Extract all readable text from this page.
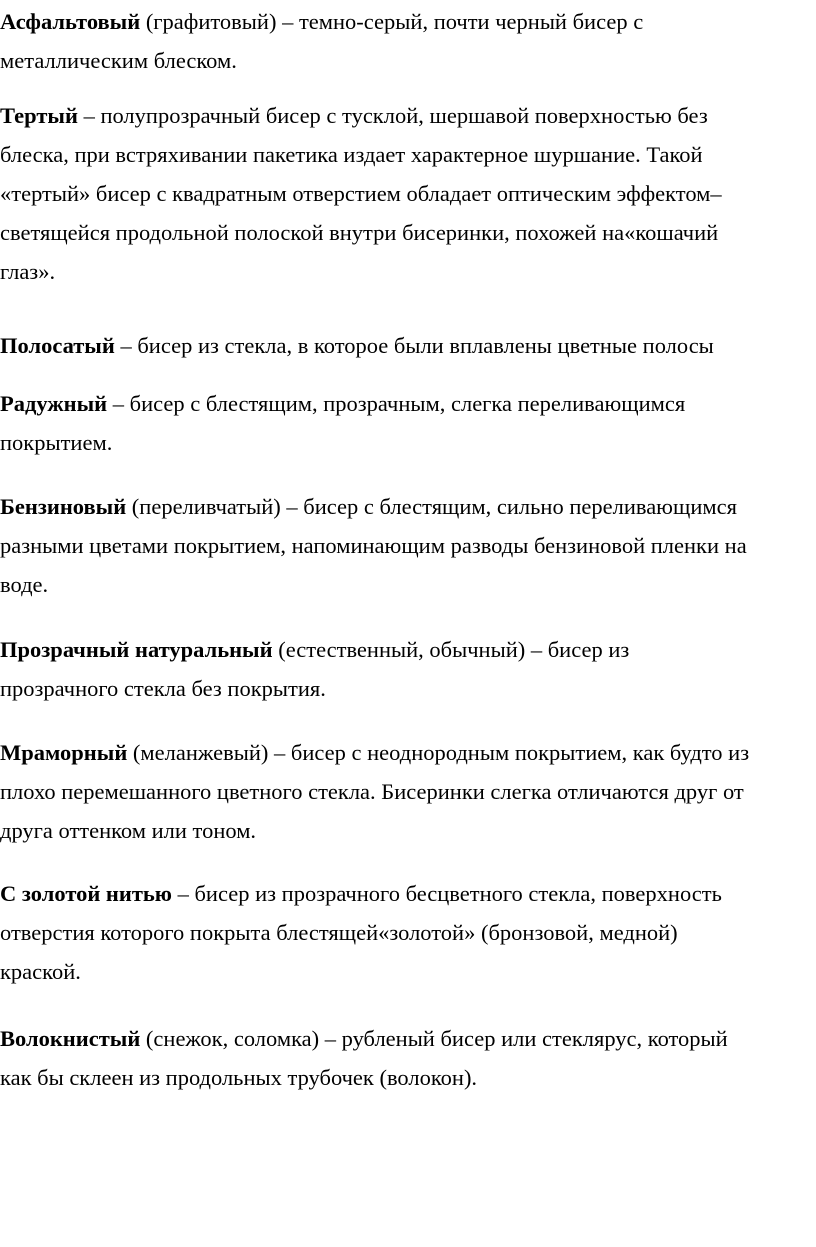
Асфальтовый (графитовый) – темно-серый, почти черный бисер с
металлическим блеском.

Тертый – полупрозрачный бисер с тусклой, шершавой поверхностью без
блеска, при встряхивании пакетика издает характерное шуршание. Такой
«тертый» бисер с квадратным отверстием обладает оптическим эффектом–
светящейся продольной полоской внутри бисеринки, похожей на«кошачий
глаз».

Полосатый – бисер из стекла, в которое были вплавлены цветные полосы

Радужный – бисер с блестящим, прозрачным, слегка переливающимся
покрытием.

Бензиновый (переливчатый) – бисер с блестящим, сильно переливающимся
разными цветами покрытием, напоминающим разводы бензиновой пленки на
воде.

Прозрачный натуральный (естественный, обычный) – бисер из
прозрачного стекла без покрытия.

Мраморный (меланжевый) – бисер с неоднородным покрытием, как будто из
плохо перемешанного цветного стекла. Бисеринки слегка отличаются друг от
друга оттенком или тоном.

С золотой нитью – бисер из прозрачного бесцветного стекла, поверхность
отверстия которого покрыта блестящей«золотой» (бронзовой, медной)
краской.

Волокнистый (снежок, соломка) – рубленый бисер или стеклярус, который
как бы склеен из продольных трубочек (волокон).
